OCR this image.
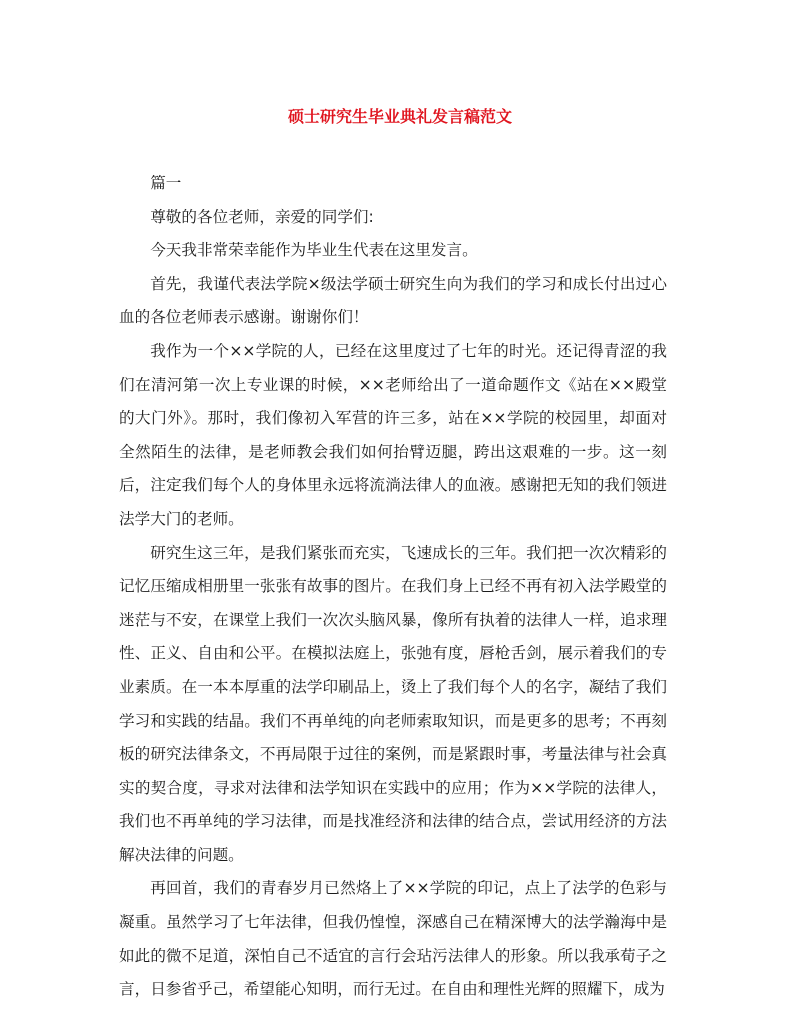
硕士研究生毕业典礼发言稿范文

篇一

尊敬的各位老师，亲爱的同学们:

今天我非常荣幸能作为毕业生代表在这里发言。

首先，我谨代表法学院×级法学硕士研究生向为我们的学习和成长付出过心血的各位老师表示感谢。谢谢你们！

我作为一个××学院的人，已经在这里度过了七年的时光。还记得青涩的我们在清河第一次上专业课的时候，××老师给出了一道命题作文《站在××殿堂的大门外》。那时，我们像初入军营的许三多，站在××学院的校园里，却面对全然陌生的法律，是老师教会我们如何抬臂迈腿，跨出这艰难的一步。这一刻后，注定我们每个人的身体里永远将流淌法律人的血液。感谢把无知的我们领进法学大门的老师。

研究生这三年，是我们紧张而充实，飞速成长的三年。我们把一次次精彩的记忆压缩成相册里一张张有故事的图片。在我们身上已经不再有初入法学殿堂的迷茫与不安，在课堂上我们一次次头脑风暴，像所有执着的法律人一样，追求理性、正义、自由和公平。在模拟法庭上，张弛有度，唇枪舌剑，展示着我们的专业素质。在一本本厚重的法学印刷品上，烫上了我们每个人的名字，凝结了我们学习和实践的结晶。我们不再单纯的向老师索取知识，而是更多的思考；不再刻板的研究法律条文，不再局限于过往的案例，而是紧跟时事，考量法律与社会真实的契合度，寻求对法律和法学知识在实践中的应用；作为××学院的法律人，我们也不再单纯的学习法律，而是找准经济和法律的结合点，尝试用经济的方法解决法律的问题。

再回首，我们的青春岁月已然烙上了××学院的印记，点上了法学的色彩与凝重。虽然学习了七年法律，但我仍惶惶，深感自己在精深博大的法学瀚海中是如此的微不足道，深怕自己不适宜的言行会玷污法律人的形象。所以我承荀子之言，日参省乎己，希望能心知明，而行无过。在自由和理性光辉的照耀下，成为
